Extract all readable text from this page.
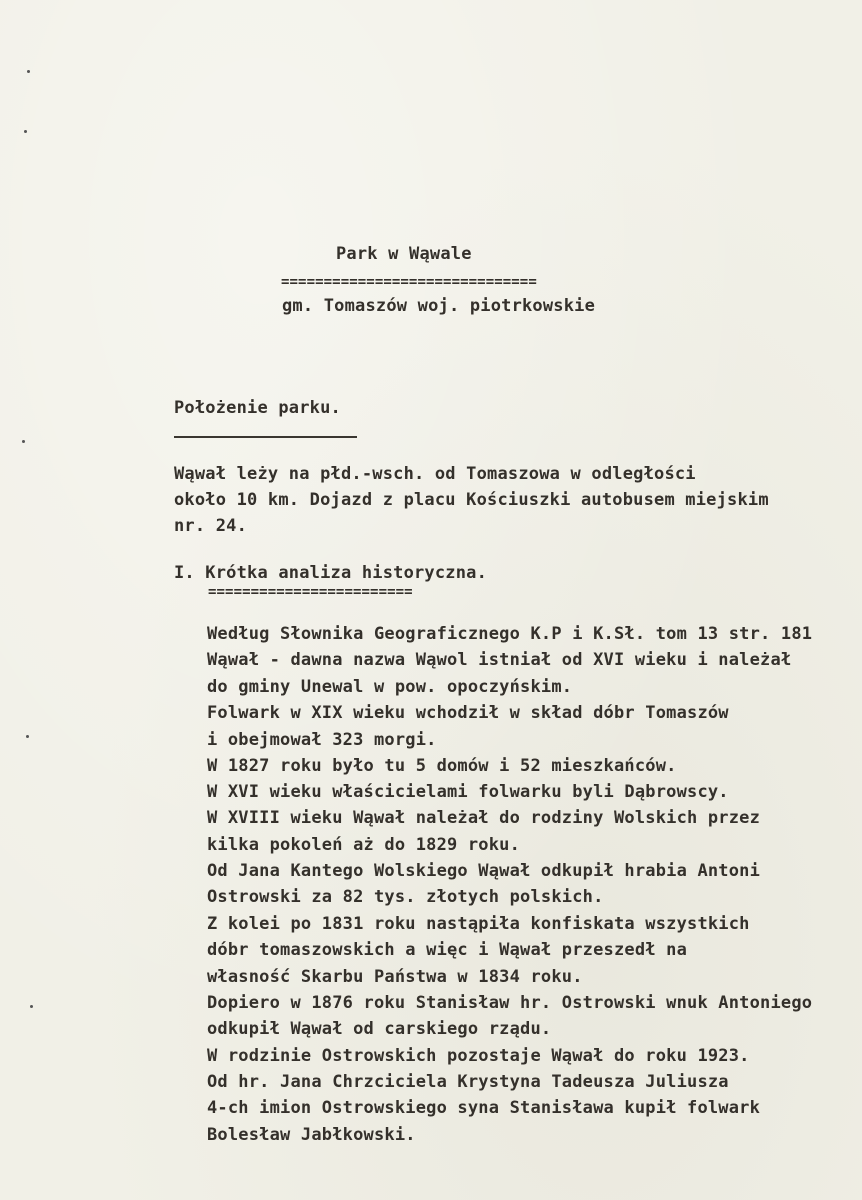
Park w Wąwale
==============================
gm. Tomaszów woj. piotrkowskie
Położenie parku.
Wąwał leży na płd.-wsch. od Tomaszowa w odległości
około 10 km. Dojazd z placu Kościuszki autobusem miejskim
nr. 24.
I. Krótka analiza historyczna.
========================
Według Słownika Geograficznego K.P i K.Sł. tom 13 str. 181
Wąwał - dawna nazwa Wąwol istniał od XVI wieku i należał
do gminy Unewal w pow. opoczyńskim.
Folwark w XIX wieku wchodził w skład dóbr Tomaszów
i obejmował 323 morgi.
W 1827 roku było tu 5 domów i 52 mieszkańców.
W XVI wieku właścicielami folwarku byli Dąbrowscy.
W XVIII wieku Wąwał należał do rodziny Wolskich przez
kilka pokoleń aż do 1829 roku.
Od Jana Kantego Wolskiego Wąwał odkupił hrabia Antoni
Ostrowski za 82 tys. złotych polskich.
Z kolei po 1831 roku nastąpiła konfiskata wszystkich
dóbr tomaszowskich a więc i Wąwał przeszedł na
własność Skarbu Państwa w 1834 roku.
Dopiero w 1876 roku Stanisław hr. Ostrowski wnuk Antoniego
odkupił Wąwał od carskiego rządu.
W rodzinie Ostrowskich pozostaje Wąwał do roku 1923.
Od hr. Jana Chrzciciela Krystyna Tadeusza Juliusza
4-ch imion Ostrowskiego syna Stanisława kupił folwark
Bolesław Jabłkowski.
